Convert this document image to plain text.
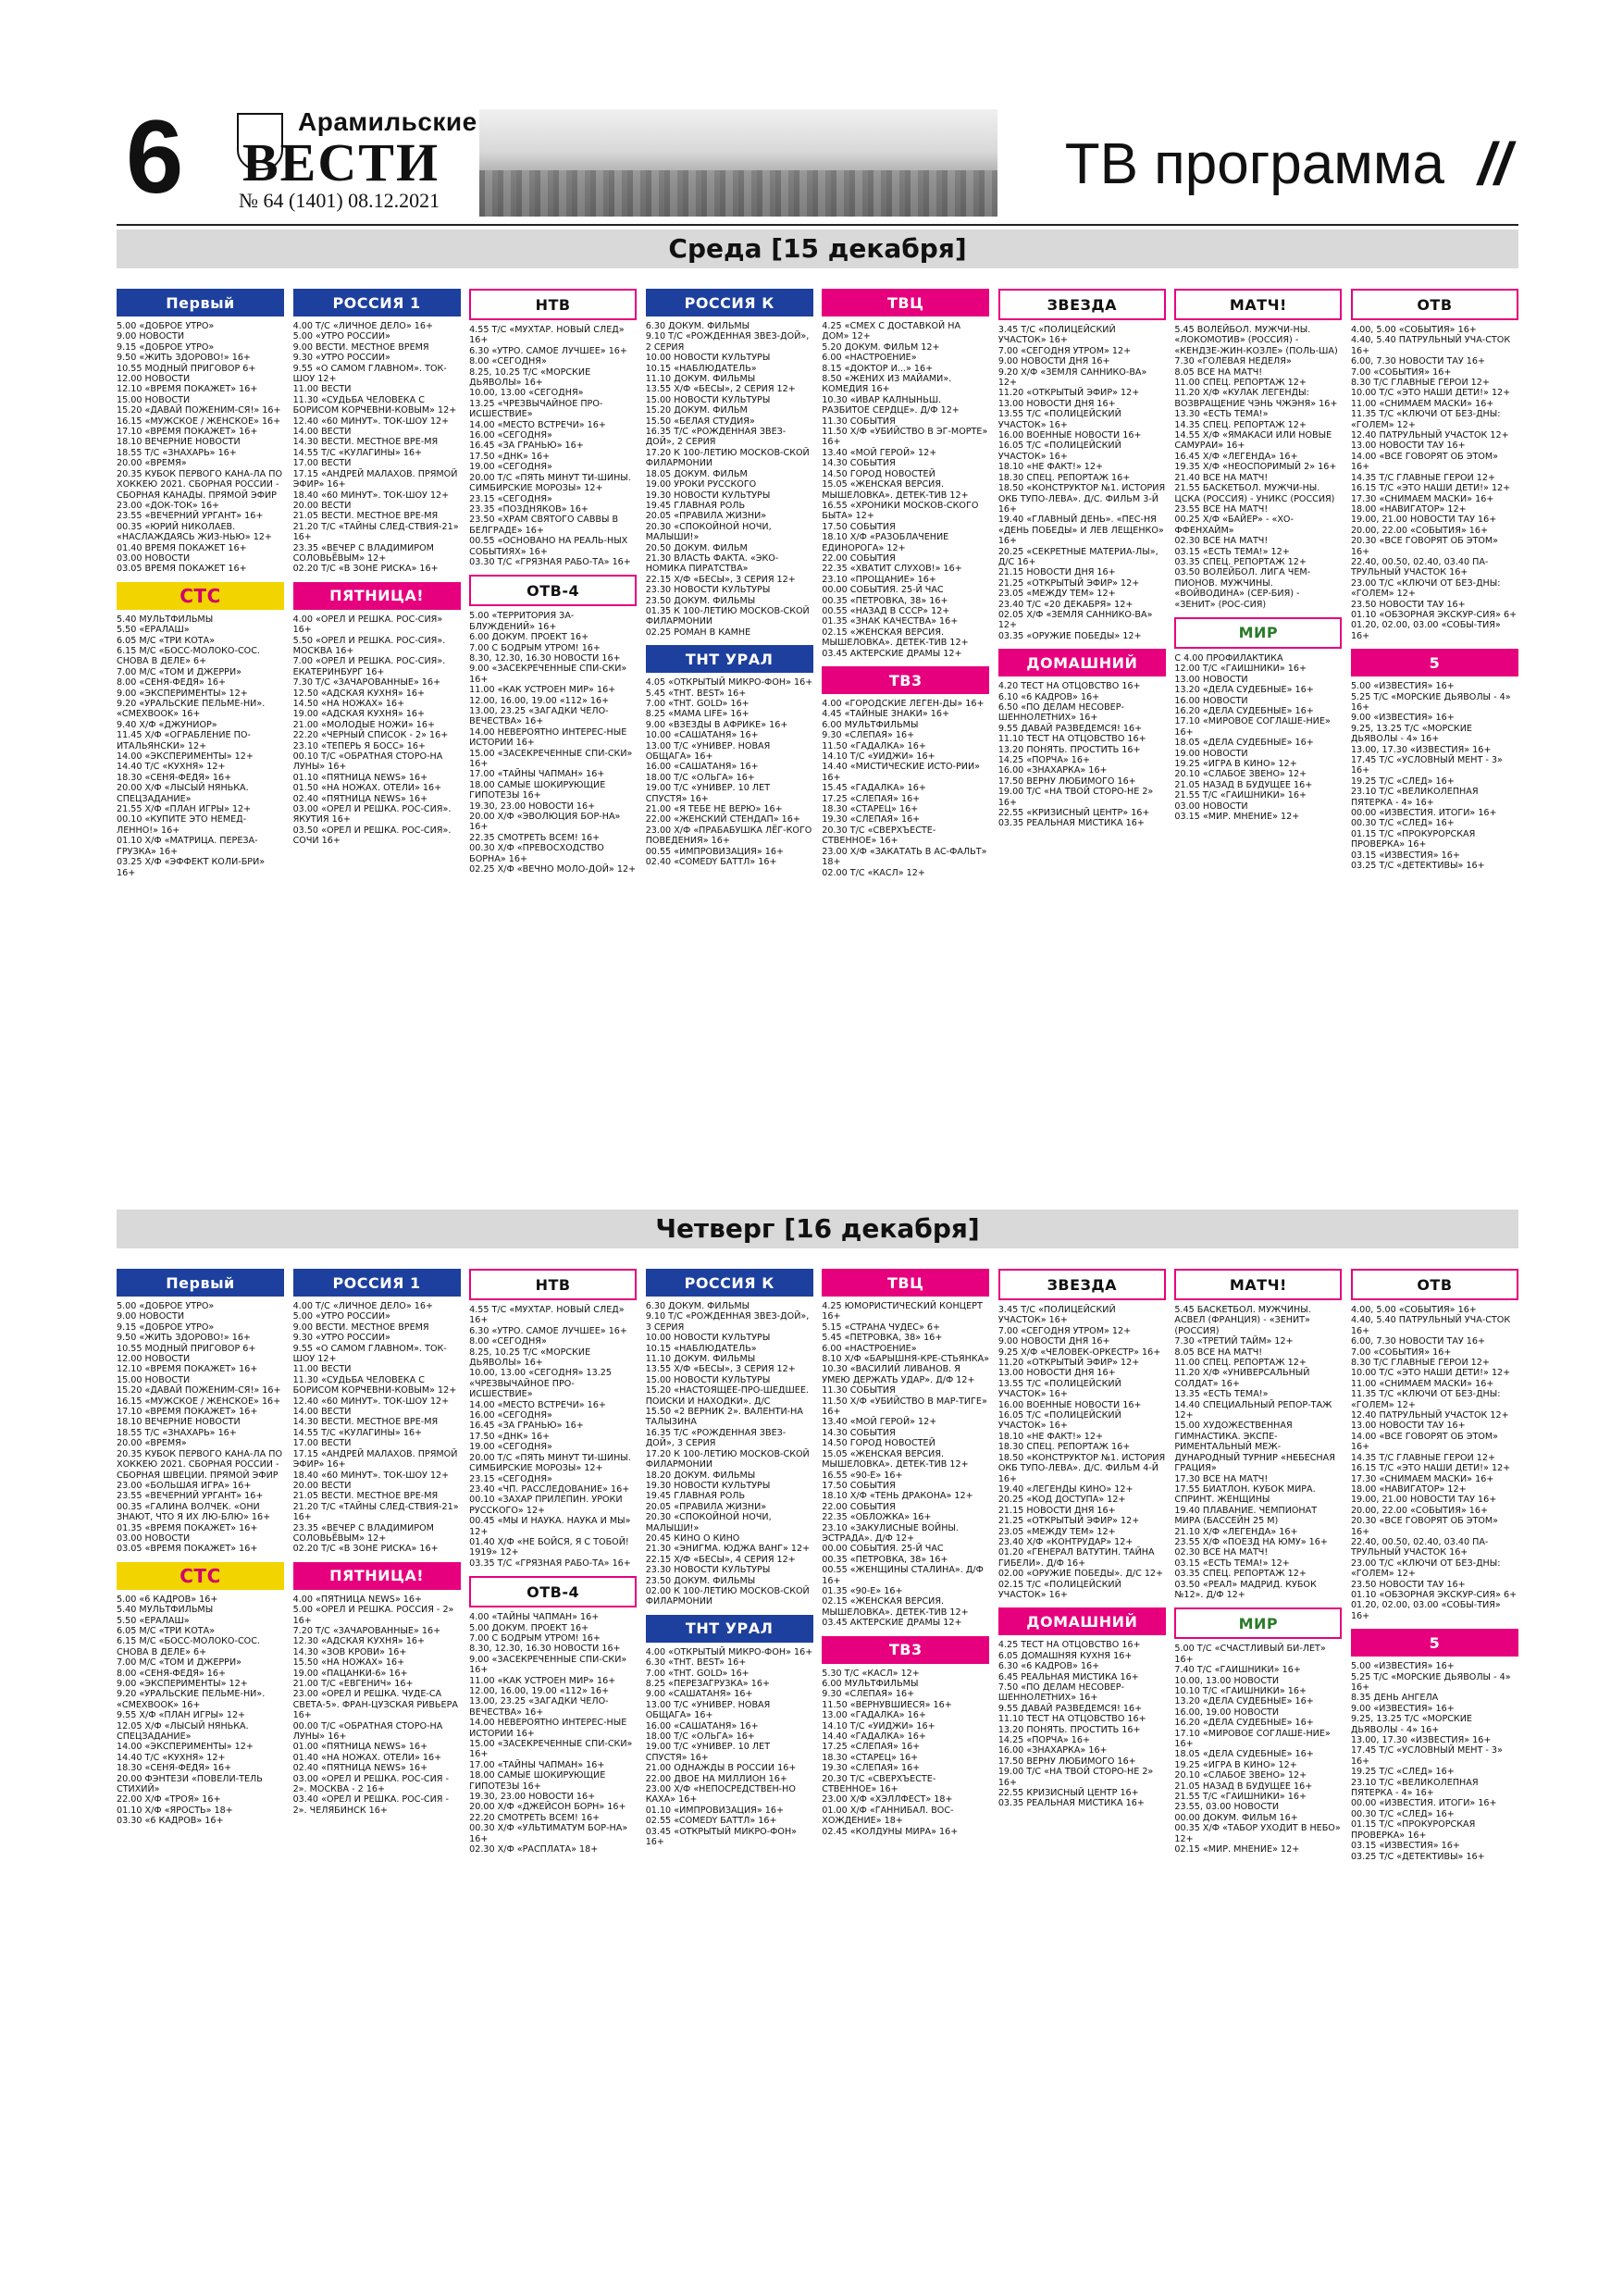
6	Арамильские
ВЕСТИ
№ 64 (1401) 08.12.2021
ТВ программа //
Среда [15 декабря]
Первый
5.00 «ДОБРОЕ УТРО»
9.00 НОВОСТИ
9.15 «ДОБРОЕ УТРО»
9.50 «ЖИТЬ ЗДОРОВО!» 16+
10.55 МОДНЫЙ ПРИГОВОР 6+
12.00 НОВОСТИ
12.10 «ВРЕМЯ ПОКАЖЕТ» 16+
15.00 НОВОСТИ
15.20 «ДАВАЙ ПОЖЕНИМ-СЯ!» 16+
16.15 «МУЖСКОЕ / ЖЕНСКОЕ» 16+
17.10 «ВРЕМЯ ПОКАЖЕТ» 16+
18.10 ВЕЧЕРНИЕ НОВОСТИ
18.55 Т/С «ЗНАХАРЬ» 16+
20.00 «ВРЕМЯ»
20.35 КУБОК ПЕРВОГО КАНА-ЛА ПО ХОККЕЮ 2021. СБОРНАЯ РОССИИ - СБОРНАЯ КАНАДЫ. ПРЯМОЙ ЭФИР
23.00 «ДОК-ТОК» 16+
23.55 «ВЕЧЕРНИЙ УРГАНТ» 16+
00.35 «ЮРИЙ НИКОЛАЕВ. «НАСЛАЖДАЯСЬ ЖИЗ-НЬЮ» 12+
01.40 ВРЕМЯ ПОКАЖЕТ 16+
03.00 НОВОСТИ
03.05 ВРЕМЯ ПОКАЖЕТ 16+
СТС
5.40 МУЛЬТФИЛЬМЫ
5.50 «ЕРАЛАШ»
6.05 М/С «ТРИ КОТА»
6.15 М/С «БОСС-МОЛОКО-СОС. СНОВА В ДЕЛЕ» 6+
7.00 М/С «ТОМ И ДЖЕРРИ»
8.00 «СЕНЯ-ФЕДЯ» 16+
9.00 «ЭКСПЕРИМЕНТЫ» 12+
9.20 «УРАЛЬСКИЕ ПЕЛЬМЕ-НИ». «СМЕХBOOK» 16+
9.40 Х/Ф «ДЖУНИОР»
11.45 Х/Ф «ОГРАБЛЕНИЕ ПО-ИТАЛЬЯНСКИ» 12+
14.00 «ЭКСПЕРИМЕНТЫ» 12+
14.40 Т/С «КУХНЯ» 12+
18.30 «СЕНЯ-ФЕДЯ» 16+
20.00 Х/Ф «ЛЫСЫЙ НЯНЬКА. СПЕЦЗАДАНИЕ»
21.55 Х/Ф «ПЛАН ИГРЫ» 12+
00.10 «КУПИТЕ ЭТО НЕМЕД-ЛЕННО!» 16+
01.10 Х/Ф «МАТРИЦА. ПЕРЕЗА-ГРУЗКА» 16+
03.25 Х/Ф «ЭФФЕКТ КОЛИ-БРИ» 16+
РОССИЯ 1
4.00 Т/С «ЛИЧНОЕ ДЕЛО» 16+
5.00 «УТРО РОССИИ»
9.00 ВЕСТИ. МЕСТНОЕ ВРЕМЯ
9.30 «УТРО РОССИИ»
9.55 «О САМОМ ГЛАВНОМ». ТОК-ШОУ 12+
11.00 ВЕСТИ
11.30 «СУДЬБА ЧЕЛОВЕКА С БОРИСОМ КОРЧЕВНИ-КОВЫМ» 12+
12.40 «60 МИНУТ». ТОК-ШОУ 12+
14.00 ВЕСТИ
14.30 ВЕСТИ. МЕСТНОЕ ВРЕ-МЯ
14.55 Т/С «КУЛАГИНЫ» 16+
17.00 ВЕСТИ
17.15 «АНДРЕЙ МАЛАХОВ. ПРЯМОЙ ЭФИР» 16+
18.40 «60 МИНУТ». ТОК-ШОУ 12+
20.00 ВЕСТИ
21.05 ВЕСТИ. МЕСТНОЕ ВРЕ-МЯ
21.20 Т/С «ТАЙНЫ СЛЕД-СТВИЯ-21» 16+
23.35 «ВЕЧЕР С ВЛАДИМИРОМ СОЛОВЬЁВЫМ» 12+
02.20 Т/С «В ЗОНЕ РИСКА» 16+
ПЯТНИЦА!
4.00 «ОРЕЛ И РЕШКА. РОС-СИЯ» 16+
5.50 «ОРЕЛ И РЕШКА. РОС-СИЯ». МОСКВА 16+
7.00 «ОРЕЛ И РЕШКА. РОС-СИЯ». ЕКАТЕРИНБУРГ 16+
7.30 Т/С «ЗАЧАРОВАННЫЕ» 16+
12.50 «АДСКАЯ КУХНЯ» 16+
14.50 «НА НОЖАХ» 16+
19.00 «АДСКАЯ КУХНЯ» 16+
21.00 «МОЛОДЫЕ НОЖИ» 16+
22.20 «ЧЕРНЫЙ СПИСОК - 2» 16+
23.10 «ТЕПЕРЬ Я БОСС» 16+
00.10 Т/С «ОБРАТНАЯ СТОРО-НА ЛУНЫ» 16+
01.10 «ПЯТНИЦА NEWS» 16+
01.50 «НА НОЖАХ. ОТЕЛИ» 16+
02.40 «ПЯТНИЦА NEWS» 16+
03.00 «ОРЕЛ И РЕШКА. РОС-СИЯ». ЯКУТИЯ 16+
03.50 «ОРЕЛ И РЕШКА. РОС-СИЯ». СОЧИ 16+
НТВ
4.55 Т/С «МУХТАР. НОВЫЙ СЛЕД» 16+
6.30 «УТРО. САМОЕ ЛУЧШЕЕ» 16+
8.00 «СЕГОДНЯ»
8.25, 10.25 Т/С «МОРСКИЕ ДЬЯВОЛЫ» 16+
10.00, 13.00 «СЕГОДНЯ»
13.25 «ЧРЕЗВЫЧАЙНОЕ ПРО-ИСШЕСТВИЕ»
14.00 «МЕСТО ВСТРЕЧИ» 16+
16.00 «СЕГОДНЯ»
16.45 «ЗА ГРАНЬЮ» 16+
17.50 «ДНК» 16+
19.00 «СЕГОДНЯ»
20.00 Т/С «ПЯТЬ МИНУТ ТИ-ШИНЫ. СИМБИРСКИЕ МОРОЗЫ» 12+
23.15 «СЕГОДНЯ»
23.35 «ПОЗДНЯКОВ» 16+
23.50 «ХРАМ СВЯТОГО САВВЫ В БЕЛГРАДЕ» 16+
00.55 «ОСНОВАНО НА РЕАЛЬ-НЫХ СОБЫТИЯХ» 16+
03.30 Т/С «ГРЯЗНАЯ РАБО-ТА» 16+
ОТВ-4
5.00 «ТЕРРИТОРИЯ ЗА-БЛУЖДЕНИЙ» 16+
6.00 ДОКУМ. ПРОЕКТ 16+
7.00 С БОДРЫМ УТРОМ! 16+
8.30, 12.30, 16.30 НОВОСТИ 16+
9.00 «ЗАСЕКРЕЧЕННЫЕ СПИ-СКИ» 16+
11.00 «КАК УСТРОЕН МИР» 16+
12.00, 16.00, 19.00 «112» 16+
13.00, 23.25 «ЗАГАДКИ ЧЕЛО-ВЕЧЕСТВА» 16+
14.00 НЕВЕРОЯТНО ИНТЕРЕС-НЫЕ ИСТОРИИ 16+
15.00 «ЗАСЕКРЕЧЕННЫЕ СПИ-СКИ» 16+
17.00 «ТАЙНЫ ЧАПМАН» 16+
18.00 САМЫЕ ШОКИРУЮЩИЕ ГИПОТЕЗЫ 16+
19.30, 23.00 НОВОСТИ 16+
20.00 Х/Ф «ЭВОЛЮЦИЯ БОР-НА» 16+
22.35 СМОТРЕТЬ ВСЕМ! 16+
00.30 Х/Ф «ПРЕВОСХОДСТВО БОРНА» 16+
02.25 Х/Ф «ВЕЧНО МОЛО-ДОЙ» 12+
РОССИЯ К
6.30 ДОКУМ. ФИЛЬМЫ
9.10 Т/С «РОЖДЕННАЯ ЗВЕЗ-ДОЙ», 2 СЕРИЯ
10.00 НОВОСТИ КУЛЬТУРЫ
10.15 «НАБЛЮДАТЕЛЬ»
11.10 ДОКУМ. ФИЛЬМЫ
13.55 Х/Ф «БЕСЫ», 2 СЕРИЯ 12+
15.00 НОВОСТИ КУЛЬТУРЫ
15.20 ДОКУМ. ФИЛЬМ
15.50 «БЕЛАЯ СТУДИЯ»
16.35 Т/С «РОЖДЕННАЯ ЗВЕЗ-ДОЙ», 2 СЕРИЯ
17.20 К 100-ЛЕТИЮ МОСКОВ-СКОЙ ФИЛАРМОНИИ
18.05 ДОКУМ. ФИЛЬМ
19.00 УРОКИ РУССКОГО
19.30 НОВОСТИ КУЛЬТУРЫ
19.45 ГЛАВНАЯ РОЛЬ
20.05 «ПРАВИЛА ЖИЗНИ»
20.30 «СПОКОЙНОЙ НОЧИ, МАЛЫШИ!»
20.50 ДОКУМ. ФИЛЬМ
21.30 ВЛАСТЬ ФАКТА. «ЭКО-НОМИКА ПИРАТСТВА»
22.15 Х/Ф «БЕСЫ», 3 СЕРИЯ 12+
23.30 НОВОСТИ КУЛЬТУРЫ
23.50 ДОКУМ. ФИЛЬМЫ
01.35 К 100-ЛЕТИЮ МОСКОВ-СКОЙ ФИЛАРМОНИИ
02.25 РОМАН В КАМНЕ
ТНТ УРАЛ
4.05 «ОТКРЫТЫЙ МИКРО-ФОН» 16+
5.45 «ТНТ. BEST» 16+
7.00 «ТНТ. GOLD» 16+
8.25 «МАМА LIFE» 16+
9.00 «ВЗЕЗДЫ В АФРИКЕ» 16+
10.00 «САШАТАНЯ» 16+
13.00 Т/С «УНИВЕР. НОВАЯ ОБЩАГА» 16+
16.00 «САШАТАНЯ» 16+
18.00 Т/С «ОЛЬГА» 16+
19.00 Т/С «УНИВЕР. 10 ЛЕТ СПУСТЯ» 16+
21.00 «Я ТЕБЕ НЕ ВЕРЮ» 16+
22.00 «ЖЕНСКИЙ СТЕНДАП» 16+
23.00 Х/Ф «ПРАБАБУШКА ЛЁГ-КОГО ПОВЕДЕНИЯ» 16+
00.55 «ИМПРОВИЗАЦИЯ» 16+
02.40 «COMEDY БАТТЛ» 16+
ТВЦ
4.25 «СМЕХ С ДОСТАВКОЙ НА ДОМ» 12+
5.20 ДОКУМ. ФИЛЬМ 12+
6.00 «НАСТРОЕНИЕ»
8.15 «ДОКТОР И...» 16+
8.50 «ЖЕНИХ ИЗ МАЙАМИ». КОМЕДИЯ 16+
10.30 «ИВАР КАЛНЫНЬШ. РАЗБИТОЕ СЕРДЦЕ». Д/Ф 12+
11.30 СОБЫТИЯ
11.50 Х/Ф «УБИЙСТВО В ЭГ-МОРТЕ» 16+
13.40 «МОЙ ГЕРОЙ» 12+
14.30 СОБЫТИЯ
14.50 ГОРОД НОВОСТЕЙ
15.05 «ЖЕНСКАЯ ВЕРСИЯ. МЫШЕЛОВКА». ДЕТЕК-ТИВ 12+
16.55 «ХРОНИКИ МОСКОВ-СКОГО БЫТА» 12+
17.50 СОБЫТИЯ
18.10 Х/Ф «РАЗОБЛАЧЕНИЕ ЕДИНОРОГА» 12+
22.00 СОБЫТИЯ
22.35 «ХВАТИТ СЛУХОВ!» 16+
23.10 «ПРОЩАНИЕ» 16+
00.00 СОБЫТИЯ. 25-Й ЧАС
00.35 «ПЕТРОВКА, 38» 16+
00.55 «НАЗАД В СССР» 12+
01.35 «ЗНАК КАЧЕСТВА» 16+
02.15 «ЖЕНСКАЯ ВЕРСИЯ. МЫШЕЛОВКА». ДЕТЕК-ТИВ 12+
03.45 АКТЕРСКИЕ ДРАМЫ 12+
ТВ3
4.00 «ГОРОДСКИЕ ЛЕГЕН-ДЫ» 16+
4.45 «ТАЙНЫЕ ЗНАКИ» 16+
6.00 МУЛЬТФИЛЬМЫ
9.30 «СЛЕПАЯ» 16+
11.50 «ГАДАЛКА» 16+
14.10 Т/С «УИДЖИ» 16+
14.40 «МИСТИЧЕСКИЕ ИСТО-РИИ» 16+
15.45 «ГАДАЛКА» 16+
17.25 «СЛЕПАЯ» 16+
18.30 «СТАРЕЦ» 16+
19.30 «СЛЕПАЯ» 16+
20.30 Т/С «СВЕРХЪЕСТЕ-СТВЕННОЕ» 16+
23.00 Х/Ф «ЗАКАТАТЬ В АС-ФАЛЬТ» 18+
02.00 Т/С «КАСЛ» 12+
ЗВЕЗДА
3.45 Т/С «ПОЛИЦЕЙСКИЙ УЧАСТОК» 16+
7.00 «СЕГОДНЯ УТРОМ» 12+
9.00 НОВОСТИ ДНЯ 16+
9.20 Х/Ф «ЗЕМЛЯ САННИКО-ВА» 12+
11.20 «ОТКРЫТЫЙ ЭФИР» 12+
13.00 НОВОСТИ ДНЯ 16+
13.55 Т/С «ПОЛИЦЕЙСКИЙ УЧАСТОК» 16+
16.00 ВОЕННЫЕ НОВОСТИ 16+
16.05 Т/С «ПОЛИЦЕЙСКИЙ УЧАСТОК» 16+
18.10 «НЕ ФАКТ!» 12+
18.30 СПЕЦ. РЕПОРТАЖ 16+
18.50 «КОНСТРУКТОР №1. ИСТОРИЯ ОКБ ТУПО-ЛЕВА». Д/С. ФИЛЬМ 3-Й 16+
19.40 «ГЛАВНЫЙ ДЕНЬ». «ПЕС-НЯ «ДЕНЬ ПОБЕДЫ» И ЛЕВ ЛЕЩЕНКО» 16+
20.25 «СЕКРЕТНЫЕ МАТЕРИА-ЛЫ», Д/С 16+
21.15 НОВОСТИ ДНЯ 16+
21.25 «ОТКРЫТЫЙ ЭФИР» 12+
23.05 «МЕЖДУ ТЕМ» 12+
23.40 Т/С «20 ДЕКАБРЯ» 12+
02.05 Х/Ф «ЗЕМЛЯ САННИКО-ВА» 12+
03.35 «ОРУЖИЕ ПОБЕДЫ» 12+
ДОМАШНИЙ
4.20 ТЕСТ НА ОТЦОВСТВО 16+
6.10 «6 КАДРОВ» 16+
6.50 «ПО ДЕЛАМ НЕСОВЕР-ШЕННОЛЕТНИХ» 16+
9.55 ДАВАЙ РАЗВЕДЕМСЯ! 16+
11.10 ТЕСТ НА ОТЦОВСТВО 16+
13.20 ПОНЯТЬ. ПРОСТИТЬ 16+
14.25 «ПОРЧА» 16+
16.00 «ЗНАХАРКА» 16+
17.50 ВЕРНУ ЛЮБИМОГО 16+
19.00 Т/С «НА ТВОЙ СТОРО-НЕ 2» 16+
22.55 «КРИЗИСНЫЙ ЦЕНТР» 16+
03.35 РЕАЛЬНАЯ МИСТИКА 16+
МАТЧ!
5.45 ВОЛЕЙБОЛ. МУЖЧИ-НЫ. «ЛОКОМОТИВ» (РОССИЯ) - «КЕНДЗЕ-ЖИН-КОЗЛЕ» (ПОЛЬ-ША)
7.30 «ГОЛЕВАЯ НЕДЕЛЯ»
8.05 ВСЕ НА МАТЧ!
11.00 СПЕЦ. РЕПОРТАЖ 12+
11.20 Х/Ф «КУЛАК ЛЕГЕНДЫ: ВОЗВРАЩЕНИЕ ЧЭНЬ ЧЖЭНЯ» 16+
13.30 «ЕСТЬ ТЕМА!»
14.35 СПЕЦ. РЕПОРТАЖ 12+
14.55 Х/Ф «ЯМАКАСИ ИЛИ НОВЫЕ САМУРАИ» 16+
16.45 Х/Ф «ЛЕГЕНДА» 16+
19.35 Х/Ф «НЕОСПОРИМЫЙ 2» 16+
21.40 ВСЕ НА МАТЧ!
21.55 БАСКЕТБОЛ. МУЖЧИ-НЫ. ЦСКА (РОССИЯ) - УНИКС (РОССИЯ)
23.55 ВСЕ НА МАТЧ!
00.25 Х/Ф «БАЙЕР» - «ХО-ФФЕНХАЙМ»
02.30 ВСЕ НА МАТЧ!
03.15 «ЕСТЬ ТЕМА!» 12+
03.35 СПЕЦ. РЕПОРТАЖ 12+
03.50 ВОЛЕЙБОЛ. ЛИГА ЧЕМ-ПИОНОВ. МУЖЧИНЫ. «ВОЙВОДИНА» (СЕР-БИЯ) - «ЗЕНИТ» (РОС-СИЯ)
МИР
С 4.00 ПРОФИЛАКТИКА
12.00 Т/С «ГАИШНИКИ» 16+
13.00 НОВОСТИ
13.20 «ДЕЛА СУДЕБНЫЕ» 16+
16.00 НОВОСТИ
16.20 «ДЕЛА СУДЕБНЫЕ» 16+
17.10 «МИРОВОЕ СОГЛАШЕ-НИЕ» 16+
18.05 «ДЕЛА СУДЕБНЫЕ» 16+
19.00 НОВОСТИ
19.25 «ИГРА В КИНО» 12+
20.10 «СЛАБОЕ ЗВЕНО» 12+
21.05 НАЗАД В БУДУЩЕЕ 16+
21.55 Т/С «ГАИШНИКИ» 16+
03.00 НОВОСТИ
03.15 «МИР. МНЕНИЕ» 12+
ОТВ
4.00, 5.00 «СОБЫТИЯ» 16+
4.40, 5.40 ПАТРУЛЬНЫЙ УЧА-СТОК 16+
6.00, 7.30 НОВОСТИ ТАУ 16+
7.00 «СОБЫТИЯ» 16+
8.30 Т/С ГЛАВНЫЕ ГЕРОИ 12+
10.00 Т/С «ЭТО НАШИ ДЕТИ!» 12+
11.00 «СНИМАЕМ МАСКИ» 16+
11.35 Т/С «КЛЮЧИ ОТ БЕЗ-ДНЫ: «ГОЛЕМ» 12+
12.40 ПАТРУЛЬНЫЙ УЧАСТОК 12+
13.00 НОВОСТИ ТАУ 16+
14.00 «ВСЕ ГОВОРЯТ ОБ ЭТОМ» 16+
14.35 Т/С ГЛАВНЫЕ ГЕРОИ 12+
16.15 Т/С «ЭТО НАШИ ДЕТИ!» 12+
17.30 «СНИМАЕМ МАСКИ» 16+
18.00 «НАВИГАТОР» 12+
19.00, 21.00 НОВОСТИ ТАУ 16+
20.00, 22.00 «СОБЫТИЯ» 16+
20.30 «ВСЕ ГОВОРЯТ ОБ ЭТОМ» 16+
22.40, 00.50, 02.40, 03.40 ПА-ТРУЛЬНЫЙ УЧАСТОК 16+
23.00 Т/С «КЛЮЧИ ОТ БЕЗ-ДНЫ: «ГОЛЕМ» 12+
23.50 НОВОСТИ ТАУ 16+
01.10 «ОБЗОРНАЯ ЭКСКУР-СИЯ» 6+
01.20, 02.00, 03.00 «СОБЫ-ТИЯ» 16+
5
5.00 «ИЗВЕСТИЯ» 16+
5.25 Т/С «МОРСКИЕ ДЬЯВОЛЫ - 4» 16+
9.00 «ИЗВЕСТИЯ» 16+
9.25, 13.25 Т/С «МОРСКИЕ ДЬЯВОЛЫ - 4» 16+
13.00, 17.30 «ИЗВЕСТИЯ» 16+
17.45 Т/С «УСЛОВНЫЙ МЕНТ - 3» 16+
19.25 Т/С «СЛЕД» 16+
23.10 Т/С «ВЕЛИКОЛЕПНАЯ ПЯТЕРКА - 4» 16+
00.00 «ИЗВЕСТИЯ. ИТОГИ» 16+
00.30 Т/С «СЛЕД» 16+
01.15 Т/С «ПРОКУРОРСКАЯ ПРОВЕРКА» 16+
03.15 «ИЗВЕСТИЯ» 16+
03.25 Т/С «ДЕТЕКТИВЫ» 16+
Четверг [16 декабря]
Первый
5.00 «ДОБРОЕ УТРО»
9.00 НОВОСТИ
9.15 «ДОБРОЕ УТРО»
9.50 «ЖИТЬ ЗДОРОВО!» 16+
10.55 МОДНЫЙ ПРИГОВОР 6+
12.00 НОВОСТИ
12.10 «ВРЕМЯ ПОКАЖЕТ» 16+
15.00 НОВОСТИ
15.20 «ДАВАЙ ПОЖЕНИМ-СЯ!» 16+
16.15 «МУЖСКОЕ / ЖЕНСКОЕ» 16+
17.10 «ВРЕМЯ ПОКАЖЕТ» 16+
18.10 ВЕЧЕРНИЕ НОВОСТИ
18.55 Т/С «ЗНАХАРЬ» 16+
20.00 «ВРЕМЯ»
20.35 КУБОК ПЕРВОГО КАНА-ЛА ПО ХОККЕЮ 2021. СБОРНАЯ РОССИИ - СБОРНАЯ ШВЕЦИИ. ПРЯМОЙ ЭФИР
23.00 «БОЛЬШАЯ ИГРА» 16+
23.55 «ВЕЧЕРНИЙ УРГАНТ» 16+
00.35 «ГАЛИНА ВОЛЧЕК. «ОНИ ЗНАЮТ, ЧТО Я ИХ ЛЮ-БЛЮ» 16+
01.35 «ВРЕМЯ ПОКАЖЕТ» 16+
03.00 НОВОСТИ
03.05 «ВРЕМЯ ПОКАЖЕТ» 16+
СТС
5.00 «6 КАДРОВ» 16+
5.40 МУЛЬТФИЛЬМЫ
5.50 «ЕРАЛАШ»
6.05 М/С «ТРИ КОТА»
6.15 М/С «БОСС-МОЛОКО-СОС. СНОВА В ДЕЛЕ» 6+
7.00 М/С «ТОМ И ДЖЕРРИ»
8.00 «СЕНЯ-ФЕДЯ» 16+
9.00 «ЭКСПЕРИМЕНТЫ» 12+
9.20 «УРАЛЬСКИЕ ПЕЛЬМЕ-НИ». «СМЕХBOOK» 16+
9.55 Х/Ф «ПЛАН ИГРЫ» 12+
12.05 Х/Ф «ЛЫСЫЙ НЯНЬКА. СПЕЦЗАДАНИЕ»
14.00 «ЭКСПЕРИМЕНТЫ» 12+
14.40 Т/С «КУХНЯ» 12+
18.30 «СЕНЯ-ФЕДЯ» 16+
20.00 ФЭНТЕЗИ «ПОВЕЛИ-ТЕЛЬ СТИХИЙ»
22.00 Х/Ф «ТРОЯ» 16+
01.10 Х/Ф «ЯРОСТЬ» 18+
03.30 «6 КАДРОВ» 16+
РОССИЯ 1
4.00 Т/С «ЛИЧНОЕ ДЕЛО» 16+
5.00 «УТРО РОССИИ»
9.00 ВЕСТИ. МЕСТНОЕ ВРЕМЯ
9.30 «УТРО РОССИИ»
9.55 «О САМОМ ГЛАВНОМ». ТОК-ШОУ 12+
11.00 ВЕСТИ
11.30 «СУДЬБА ЧЕЛОВЕКА С БОРИСОМ КОРЧЕВНИ-КОВЫМ» 12+
12.40 «60 МИНУТ». ТОК-ШОУ 12+
14.00 ВЕСТИ
14.30 ВЕСТИ. МЕСТНОЕ ВРЕ-МЯ
14.55 Т/С «КУЛАГИНЫ» 16+
17.00 ВЕСТИ
17.15 «АНДРЕЙ МАЛАХОВ. ПРЯМОЙ ЭФИР» 16+
18.40 «60 МИНУТ». ТОК-ШОУ 12+
20.00 ВЕСТИ
21.05 ВЕСТИ. МЕСТНОЕ ВРЕ-МЯ
21.20 Т/С «ТАЙНЫ СЛЕД-СТВИЯ-21» 16+
23.35 «ВЕЧЕР С ВЛАДИМИРОМ СОЛОВЬЁВЫМ» 12+
02.20 Т/С «В ЗОНЕ РИСКА» 16+
ПЯТНИЦА!
4.00 «ПЯТНИЦА NEWS» 16+
5.00 «ОРЕЛ И РЕШКА. РОССИЯ - 2» 16+
7.20 Т/С «ЗАЧАРОВАННЫЕ» 16+
12.30 «АДСКАЯ КУХНЯ» 16+
14.30 «ЗОВ КРОВИ» 16+
15.50 «НА НОЖАХ» 16+
19.00 «ПАЦАНКИ-6» 16+
21.00 Т/С «ЕВГЕНИЧ» 16+
23.00 «ОРЕЛ И РЕШКА. ЧУДЕ-СА СВЕТА-5». ФРАН-ЦУЗСКАЯ РИВЬЕРА 16+
00.00 Т/С «ОБРАТНАЯ СТОРО-НА ЛУНЫ» 16+
01.00 «ПЯТНИЦА NEWS» 16+
01.40 «НА НОЖАХ. ОТЕЛИ» 16+
02.40 «ПЯТНИЦА NEWS» 16+
03.00 «ОРЕЛ И РЕШКА. РОС-СИЯ - 2». МОСКВА - 2 16+
03.40 «ОРЕЛ И РЕШКА. РОС-СИЯ - 2». ЧЕЛЯБИНСК 16+
НТВ
4.55 Т/С «МУХТАР. НОВЫЙ СЛЕД» 16+
6.30 «УТРО. САМОЕ ЛУЧШЕЕ» 16+
8.00 «СЕГОДНЯ»
8.25, 10.25 Т/С «МОРСКИЕ ДЬЯВОЛЫ» 16+
10.00, 13.00 «СЕГОДНЯ» 13.25 «ЧРЕЗВЫЧАЙНОЕ ПРО-ИСШЕСТВИЕ»
14.00 «МЕСТО ВСТРЕЧИ» 16+
16.00 «СЕГОДНЯ»
16.45 «ЗА ГРАНЬЮ» 16+
17.50 «ДНК» 16+
19.00 «СЕГОДНЯ»
20.00 Т/С «ПЯТЬ МИНУТ ТИ-ШИНЫ. СИМБИРСКИЕ МОРОЗЫ» 12+
23.15 «СЕГОДНЯ»
23.40 «ЧП. РАССЛЕДОВАНИЕ» 16+
00.10 «ЗАХАР ПРИЛЕПИН. УРОКИ РУССКОГО» 12+
00.45 «МЫ И НАУКА. НАУКА И МЫ» 12+
01.40 Х/Ф «НЕ БОЙСЯ, Я С ТОБОЙ! 1919» 12+
03.35 Т/С «ГРЯЗНАЯ РАБО-ТА» 16+
ОТВ-4
4.00 «ТАЙНЫ ЧАПМАН» 16+
5.00 ДОКУМ. ПРОЕКТ 16+
7.00 С БОДРЫМ УТРОМ! 16+
8.30, 12.30, 16.30 НОВОСТИ 16+
9.00 «ЗАСЕКРЕЧЕННЫЕ СПИ-СКИ» 16+
11.00 «КАК УСТРОЕН МИР» 16+
12.00, 16.00, 19.00 «112» 16+
13.00, 23.25 «ЗАГАДКИ ЧЕЛО-ВЕЧЕСТВА» 16+
14.00 НЕВЕРОЯТНО ИНТЕРЕС-НЫЕ ИСТОРИИ 16+
15.00 «ЗАСЕКРЕЧЕННЫЕ СПИ-СКИ» 16+
17.00 «ТАЙНЫ ЧАПМАН» 16+
18.00 САМЫЕ ШОКИРУЮЩИЕ ГИПОТЕЗЫ 16+
19.30, 23.00 НОВОСТИ 16+
20.00 Х/Ф «ДЖЕЙСОН БОРН» 16+
22.20 СМОТРЕТЬ ВСЕМ! 16+
00.30 Х/Ф «УЛЬТИМАТУМ БОР-НА» 16+
02.30 Х/Ф «РАСПЛАТА» 18+
РОССИЯ К
6.30 ДОКУМ. ФИЛЬМЫ
9.10 Т/С «РОЖДЕННАЯ ЗВЕЗ-ДОЙ», 3 СЕРИЯ
10.00 НОВОСТИ КУЛЬТУРЫ
10.15 «НАБЛЮДАТЕЛЬ»
11.10 ДОКУМ. ФИЛЬМЫ
13.55 Х/Ф «БЕСЫ», 3 СЕРИЯ 12+
15.00 НОВОСТИ КУЛЬТУРЫ
15.20 «НАСТОЯЩЕЕ-ПРО-ШЕДШЕЕ. ПОИСКИ И НАХОДКИ». Д/С
15.50 «2 ВЕРНИК 2». ВАЛЕНТИ-НА ТАЛЫЗИНА
16.35 Т/С «РОЖДЕННАЯ ЗВЕЗ-ДОЙ», 3 СЕРИЯ
17.20 К 100-ЛЕТИЮ МОСКОВ-СКОЙ ФИЛАРМОНИИ
18.20 ДОКУМ. ФИЛЬМЫ
19.30 НОВОСТИ КУЛЬТУРЫ
19.45 ГЛАВНАЯ РОЛЬ
20.05 «ПРАВИЛА ЖИЗНИ»
20.30 «СПОКОЙНОЙ НОЧИ, МАЛЫШИ!»
20.45 КИНО О КИНО
21.30 «ЭНИГМА. ЮДЖА ВАНГ» 12+
22.15 Х/Ф «БЕСЫ», 4 СЕРИЯ 12+
23.30 НОВОСТИ КУЛЬТУРЫ
23.50 ДОКУМ. ФИЛЬМЫ
02.00 К 100-ЛЕТИЮ МОСКОВ-СКОЙ ФИЛАРМОНИИ
ТНТ УРАЛ
4.00 «ОТКРЫТЫЙ МИКРО-ФОН» 16+
6.30 «ТНТ. BEST» 16+
7.00 «ТНТ. GOLD» 16+
8.25 «ПЕРЕЗАГРУЗКА» 16+
9.00 «САШАТАНЯ» 16+
13.00 Т/С «УНИВЕР. НОВАЯ ОБЩАГА» 16+
16.00 «САШАТАНЯ» 16+
18.00 Т/С «ОЛЬГА» 16+
19.00 Т/С «УНИВЕР. 10 ЛЕТ СПУСТЯ» 16+
21.00 ОДНАЖДЫ В РОССИИ 16+
22.00 ДВОЕ НА МИЛЛИОН 16+
23.00 Х/Ф «НЕПОСРЕДСТВЕН-НО КАХА» 16+
01.10 «ИМПРОВИЗАЦИЯ» 16+
02.55 «COMEDY БАТТЛ» 16+
03.45 «ОТКРЫТЫЙ МИКРО-ФОН» 16+
ТВЦ
4.25 ЮМОРИСТИЧЕСКИЙ КОНЦЕРТ 16+
5.15 «СТРАНА ЧУДЕС» 6+
5.45 «ПЕТРОВКА, 38» 16+
6.00 «НАСТРОЕНИЕ»
8.10 Х/Ф «БАРЫШНЯ-КРЕ-СТЬЯНКА»
10.30 «ВАСИЛИЙ ЛИВАНОВ. Я УМЕЮ ДЕРЖАТЬ УДАР». Д/Ф 12+
11.30 СОБЫТИЯ
11.50 Х/Ф «УБИЙСТВО В МАР-ТИГЕ» 16+
13.40 «МОЙ ГЕРОЙ» 12+
14.30 СОБЫТИЯ
14.50 ГОРОД НОВОСТЕЙ
15.05 «ЖЕНСКАЯ ВЕРСИЯ. МЫШЕЛОВКА». ДЕТЕК-ТИВ 12+
16.55 «90-Е» 16+
17.50 СОБЫТИЯ
18.10 Х/Ф «ТЕНЬ ДРАКОНА» 12+
22.00 СОБЫТИЯ
22.35 «ОБЛОЖКА» 16+
23.10 «ЗАКУЛИСНЫЕ ВОЙНЫ. ЭСТРАДА». Д/Ф 12+
00.00 СОБЫТИЯ. 25-Й ЧАС
00.35 «ПЕТРОВКА, 38» 16+
00.55 «ЖЕНЩИНЫ СТАЛИНА». Д/Ф 16+
01.35 «90-Е» 16+
02.15 «ЖЕНСКАЯ ВЕРСИЯ. МЫШЕЛОВКА». ДЕТЕК-ТИВ 12+
03.45 АКТЕРСКИЕ ДРАМЫ 12+
ТВ3
5.30 Т/С «КАСЛ» 12+
6.00 МУЛЬТФИЛЬМЫ
9.30 «СЛЕПАЯ» 16+
11.50 «ВЕРНУВШИЕСЯ» 16+
13.00 «ГАДАЛКА» 16+
14.10 Т/С «УИДЖИ» 16+
14.40 «ГАДАЛКА» 16+
17.25 «СЛЕПАЯ» 16+
18.30 «СТАРЕЦ» 16+
19.30 «СЛЕПАЯ» 16+
20.30 Т/С «СВЕРХЪЕСТЕ-СТВЕННОЕ» 16+
23.00 Х/Ф «ХЭЛЛФЕСТ» 18+
01.00 Х/Ф «ГАННИБАЛ. ВОС-ХОЖДЕНИЕ» 18+
02.45 «КОЛДУНЫ МИРА» 16+
ЗВЕЗДА
3.45 Т/С «ПОЛИЦЕЙСКИЙ УЧАСТОК» 16+
7.00 «СЕГОДНЯ УТРОМ» 12+
9.00 НОВОСТИ ДНЯ 16+
9.25 Х/Ф «ЧЕЛОВЕК-ОРКЕСТР» 16+
11.20 «ОТКРЫТЫЙ ЭФИР» 12+
13.00 НОВОСТИ ДНЯ 16+
13.55 Т/С «ПОЛИЦЕЙСКИЙ УЧАСТОК» 16+
16.00 ВОЕННЫЕ НОВОСТИ 16+
16.05 Т/С «ПОЛИЦЕЙСКИЙ УЧАСТОК» 16+
18.10 «НЕ ФАКТ!» 12+
18.30 СПЕЦ. РЕПОРТАЖ 16+
18.50 «КОНСТРУКТОР №1. ИСТОРИЯ ОКБ ТУПО-ЛЕВА». Д/С. ФИЛЬМ 4-Й 16+
19.40 «ЛЕГЕНДЫ КИНО» 12+
20.25 «КОД ДОСТУПА» 12+
21.15 НОВОСТИ ДНЯ 16+
21.25 «ОТКРЫТЫЙ ЭФИР» 12+
23.05 «МЕЖДУ ТЕМ» 12+
23.40 Х/Ф «КОНТРУДАР» 12+
01.20 «ГЕНЕРАЛ ВАТУТИН. ТАЙНА ГИБЕЛИ». Д/Ф 16+
02.00 «ОРУЖИЕ ПОБЕДЫ». Д/С 12+
02.15 Т/С «ПОЛИЦЕЙСКИЙ УЧАСТОК» 16+
ДОМАШНИЙ
4.25 ТЕСТ НА ОТЦОВСТВО 16+
6.05 ДОМАШНЯЯ КУХНЯ 16+
6.30 «6 КАДРОВ» 16+
6.45 РЕАЛЬНАЯ МИСТИКА 16+
7.50 «ПО ДЕЛАМ НЕСОВЕР-ШЕННОЛЕТНИХ» 16+
9.55 ДАВАЙ РАЗВЕДЕМСЯ! 16+
11.10 ТЕСТ НА ОТЦОВСТВО 16+
13.20 ПОНЯТЬ. ПРОСТИТЬ 16+
14.25 «ПОРЧА» 16+
16.00 «ЗНАХАРКА» 16+
17.50 ВЕРНУ ЛЮБИМОГО 16+
19.00 Т/С «НА ТВОЙ СТОРО-НЕ 2» 16+
22.55 КРИЗИСНЫЙ ЦЕНТР 16+
03.35 РЕАЛЬНАЯ МИСТИКА 16+
МАТЧ!
5.45 БАСКЕТБОЛ. МУЖЧИНЫ. АСВЕЛ (ФРАНЦИЯ) - «ЗЕНИТ» (РОССИЯ)
7.30 «ТРЕТИЙ ТАЙМ» 12+
8.05 ВСЕ НА МАТЧ!
11.00 СПЕЦ. РЕПОРТАЖ 12+
11.20 Х/Ф «УНИВЕРСАЛЬНЫЙ СОЛДАТ» 16+
13.35 «ЕСТЬ ТЕМА!»
14.40 СПЕЦИАЛЬНЫЙ РЕПОР-ТАЖ 12+
15.00 ХУДОЖЕСТВЕННАЯ ГИМНАСТИКА. ЭКСПЕ-РИМЕНТАЛЬНЫЙ МЕЖ-ДУНАРОДНЫЙ ТУРНИР «НЕБЕСНАЯ ГРАЦИЯ»
17.30 ВСЕ НА МАТЧ!
17.55 БИАТЛОН. КУБОК МИРА. СПРИНТ. ЖЕНЩИНЫ
19.40 ПЛАВАНИЕ. ЧЕМПИОНАТ МИРА (БАССЕЙН 25 М)
21.10 Х/Ф «ЛЕГЕНДА» 16+
23.55 Х/Ф «ПОЕЗД НА ЮМУ» 16+
02.30 ВСЕ НА МАТЧ!
03.15 «ЕСТЬ ТЕМА!» 12+
03.35 СПЕЦ. РЕПОРТАЖ 12+
03.50 «РЕАЛ» МАДРИД. КУБОК №12». Д/Ф 12+
МИР
5.00 Т/С «СЧАСТЛИВЫЙ БИ-ЛЕТ» 16+
7.40 Т/С «ГАИШНИКИ» 16+
10.00, 13.00 НОВОСТИ
10.10 Т/С «ГАИШНИКИ» 16+
13.20 «ДЕЛА СУДЕБНЫЕ» 16+
16.00, 19.00 НОВОСТИ
16.20 «ДЕЛА СУДЕБНЫЕ» 16+
17.10 «МИРОВОЕ СОГЛАШЕ-НИЕ» 16+
18.05 «ДЕЛА СУДЕБНЫЕ» 16+
19.25 «ИГРА В КИНО» 12+
20.10 «СЛАБОЕ ЗВЕНО» 12+
21.05 НАЗАД В БУДУЩЕЕ 16+
21.55 Т/С «ГАИШНИКИ» 16+
23.55, 03.00 НОВОСТИ
00.00 ДОКУМ. ФИЛЬМ 16+
00.35 Х/Ф «ТАБОР УХОДИТ В НЕБО» 12+
02.15 «МИР. МНЕНИЕ» 12+
ОТВ
4.00, 5.00 «СОБЫТИЯ» 16+
4.40, 5.40 ПАТРУЛЬНЫЙ УЧА-СТОК 16+
6.00, 7.30 НОВОСТИ ТАУ 16+
7.00 «СОБЫТИЯ» 16+
8.30 Т/С ГЛАВНЫЕ ГЕРОИ 12+
10.00 Т/С «ЭТО НАШИ ДЕТИ!» 12+
11.00 «СНИМАЕМ МАСКИ» 16+
11.35 Т/С «КЛЮЧИ ОТ БЕЗ-ДНЫ: «ГОЛЕМ» 12+
12.40 ПАТРУЛЬНЫЙ УЧАСТОК 12+
13.00 НОВОСТИ ТАУ 16+
14.00 «ВСЕ ГОВОРЯТ ОБ ЭТОМ» 16+
14.35 Т/С ГЛАВНЫЕ ГЕРОИ 12+
16.15 Т/С «ЭТО НАШИ ДЕТИ!» 12+
17.30 «СНИМАЕМ МАСКИ» 16+
18.00 «НАВИГАТОР» 12+
19.00, 21.00 НОВОСТИ ТАУ 16+
20.00, 22.00 «СОБЫТИЯ» 16+
20.30 «ВСЕ ГОВОРЯТ ОБ ЭТОМ» 16+
22.40, 00.50, 02.40, 03.40 ПА-ТРУЛЬНЫЙ УЧАСТОК 16+
23.00 Т/С «КЛЮЧИ ОТ БЕЗ-ДНЫ: «ГОЛЕМ» 12+
23.50 НОВОСТИ ТАУ 16+
01.10 «ОБЗОРНАЯ ЭКСКУР-СИЯ» 6+
01.20, 02.00, 03.00 «СОБЫ-ТИЯ» 16+
5
5.00 «ИЗВЕСТИЯ» 16+
5.25 Т/С «МОРСКИЕ ДЬЯВОЛЫ - 4» 16+
8.35 ДЕНЬ АНГЕЛА
9.00 «ИЗВЕСТИЯ» 16+
9.25, 13.25 Т/С «МОРСКИЕ ДЬЯВОЛЫ - 4» 16+
13.00, 17.30 «ИЗВЕСТИЯ» 16+
17.45 Т/С «УСЛОВНЫЙ МЕНТ - 3» 16+
19.25 Т/С «СЛЕД» 16+
23.10 Т/С «ВЕЛИКОЛЕПНАЯ ПЯТЕРКА - 4» 16+
00.00 «ИЗВЕСТИЯ. ИТОГИ» 16+
00.30 Т/С «СЛЕД» 16+
01.15 Т/С «ПРОКУРОРСКАЯ ПРОВЕРКА» 16+
03.15 «ИЗВЕСТИЯ» 16+
03.25 Т/С «ДЕТЕКТИВЫ» 16+
